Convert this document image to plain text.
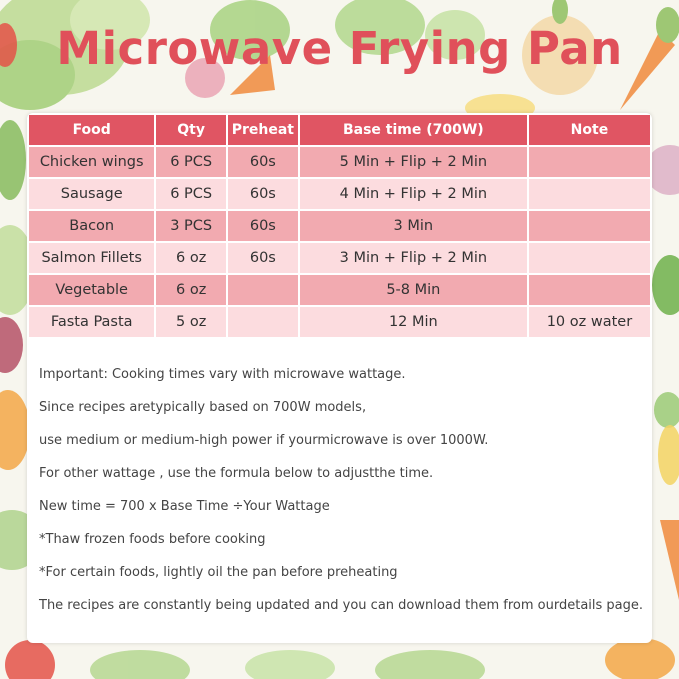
Microwave Frying Pan
Food	Qty	Preheat	Base time (700W)	Note
Chicken wings	6 PCS	60s	5 Min + Flip + 2 Min	
Sausage	6 PCS	60s	4 Min + Flip + 2 Min	
Bacon	3 PCS	60s	3 Min	
Salmon Fillets	6 oz	60s	3 Min + Flip + 2 Min	
Vegetable	6 oz		5-8 Min	
Fasta Pasta	5 oz		12 Min	10 oz water
Important: Cooking times vary with microwave wattage.
Since recipes aretypically based on 700W models,
use medium or medium-high power if yourmicrowave is over 1000W.
For other wattage , use the formula below to adjustthe time.
New time = 700 x Base Time ÷Your Wattage
*Thaw frozen foods before cooking
*For certain foods, lightly oil the pan before preheating
The recipes are constantly being updated and you can download them from ourdetails page.
